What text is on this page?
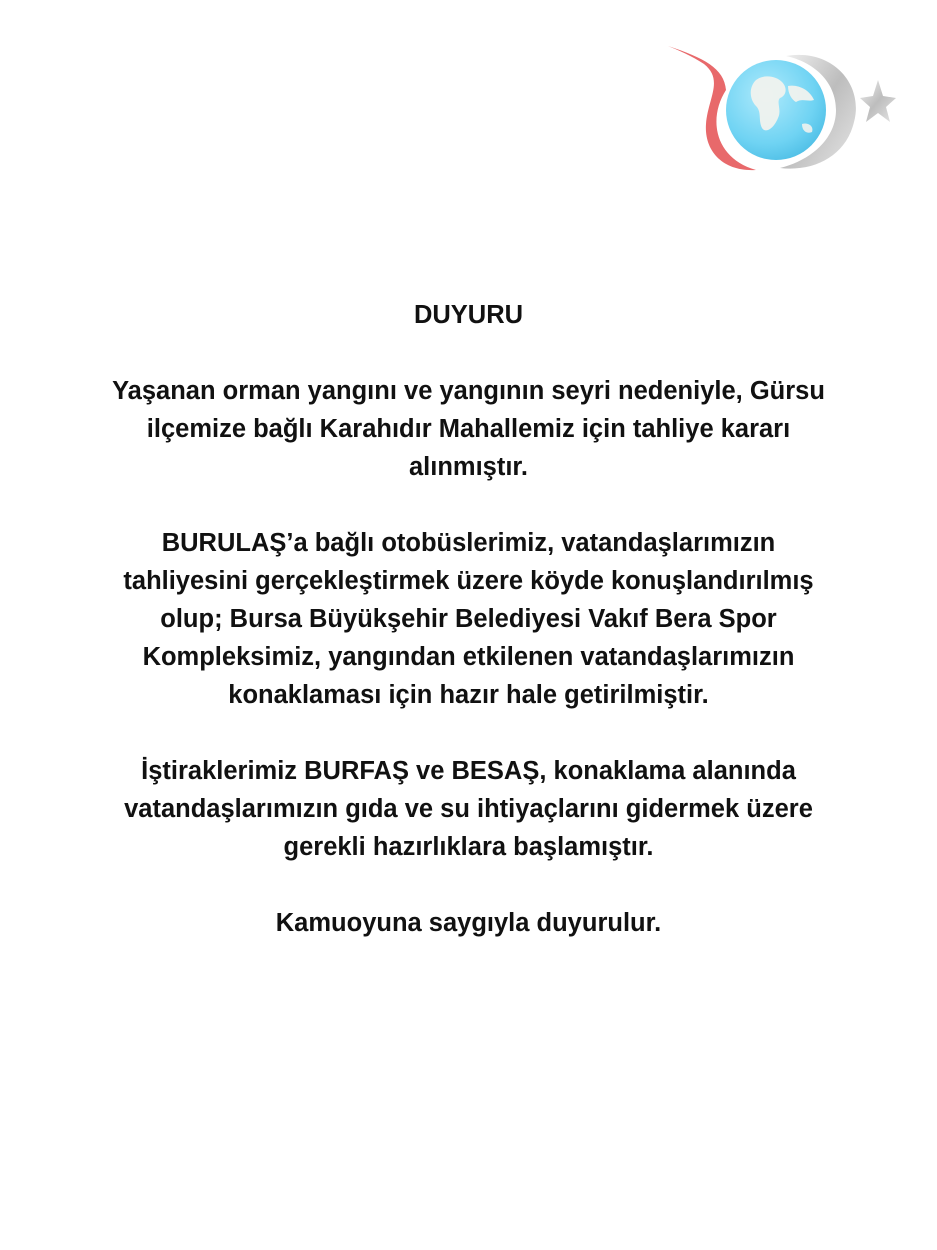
DUYURU

Yaşanan orman yangını ve yangının seyri nedeniyle, Gürsu
ilçemize bağlı Karahıdır Mahallemiz için tahliye kararı
alınmıştır.

BURULAŞ’a bağlı otobüslerimiz, vatandaşlarımızın
tahliyesini gerçekleştirmek üzere köyde konuşlandırılmış
olup; Bursa Büyükşehir Belediyesi Vakıf Bera Spor
Kompleksimiz, yangından etkilenen vatandaşlarımızın
konaklaması için hazır hale getirilmiştir.

İştiraklerimiz BURFAŞ ve BESAŞ, konaklama alanında
vatandaşlarımızın gıda ve su ihtiyaçlarını gidermek üzere
gerekli hazırlıklara başlamıştır.

Kamuoyuna saygıyla duyurulur.
